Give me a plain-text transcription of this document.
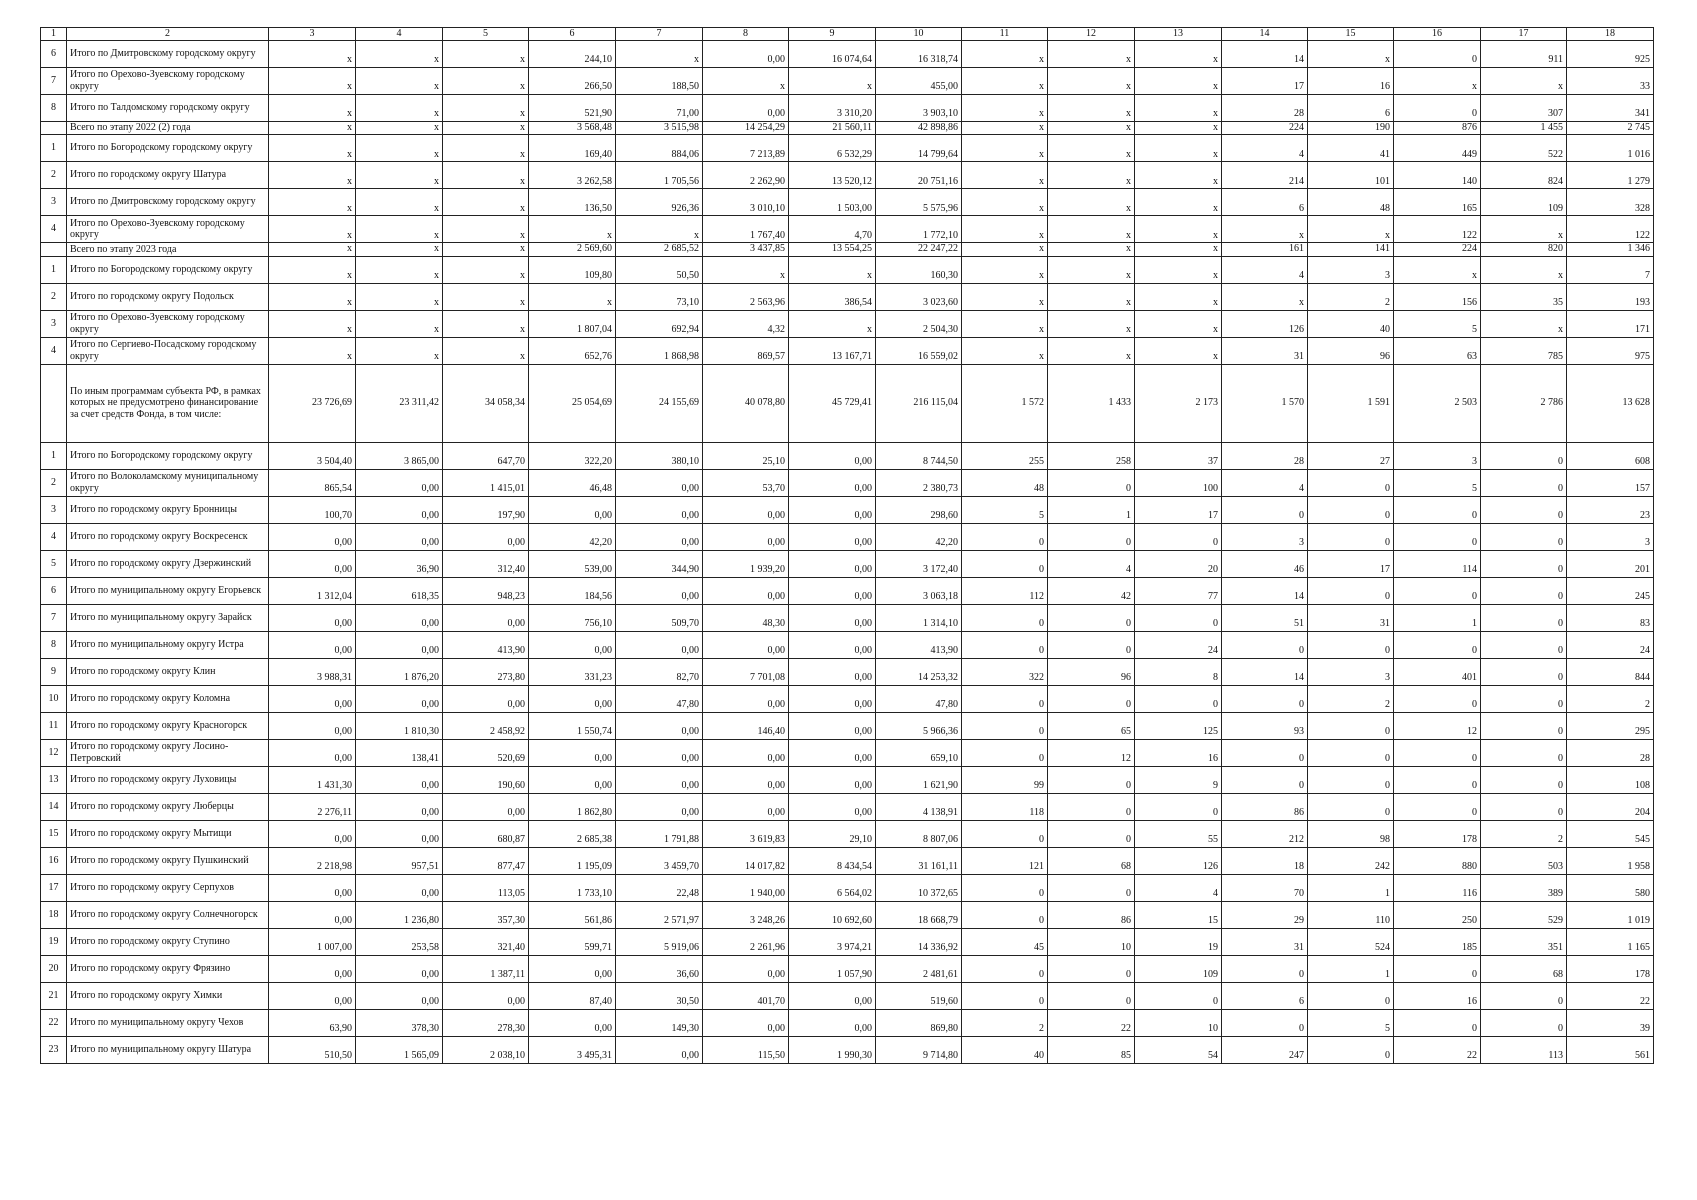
1	2	3	4	5	6	7	8	9	10	11	12	13	14	15	16	17	18
6	Итого по Дмитровскому городскому округу	x	x	x	244,10	x	0,00	16 074,64	16 318,74	x	x	x	14	x	0	911	925
7	Итого по Орехово-Зуевскому городскому округу	x	x	x	266,50	188,50	x	x	455,00	x	x	x	17	16	x	x	33
8	Итого по Талдомскому городскому округу	x	x	x	521,90	71,00	0,00	3 310,20	3 903,10	x	x	x	28	6	0	307	341
	Всего по этапу 2022 (2) года	x	x	x	3 568,48	3 515,98	14 254,29	21 560,11	42 898,86	x	x	x	224	190	876	1 455	2 745
1	Итого по Богородскому городскому округу	x	x	x	169,40	884,06	7 213,89	6 532,29	14 799,64	x	x	x	4	41	449	522	1 016
2	Итого по городскому округу Шатура	x	x	x	3 262,58	1 705,56	2 262,90	13 520,12	20 751,16	x	x	x	214	101	140	824	1 279
3	Итого по Дмитровскому городскому округу	x	x	x	136,50	926,36	3 010,10	1 503,00	5 575,96	x	x	x	6	48	165	109	328
4	Итого по Орехово-Зуевскому городскому округу	x	x	x	x	x	1 767,40	4,70	1 772,10	x	x	x	x	x	122	x	122
	Всего по этапу 2023 года	x	x	x	2 569,60	2 685,52	3 437,85	13 554,25	22 247,22	x	x	x	161	141	224	820	1 346
1	Итого по Богородскому городскому округу	x	x	x	109,80	50,50	x	x	160,30	x	x	x	4	3	x	x	7
2	Итого по городскому округу Подольск	x	x	x	x	73,10	2 563,96	386,54	3 023,60	x	x	x	x	2	156	35	193
3	Итого по Орехово-Зуевскому городскому округу	x	x	x	1 807,04	692,94	4,32	x	2 504,30	x	x	x	126	40	5	x	171
4	Итого по Сергиево-Посадскому городскому округу	x	x	x	652,76	1 868,98	869,57	13 167,71	16 559,02	x	x	x	31	96	63	785	975
	По иным программам субъекта РФ, в рамках которых не предусмотрено финансирование за счет средств Фонда, в том числе:	23 726,69	23 311,42	34 058,34	25 054,69	24 155,69	40 078,80	45 729,41	216 115,04	1 572	1 433	2 173	1 570	1 591	2 503	2 786	13 628
1	Итого по Богородскому городскому округу	3 504,40	3 865,00	647,70	322,20	380,10	25,10	0,00	8 744,50	255	258	37	28	27	3	0	608
2	Итого по Волоколамскому муниципальному округу	865,54	0,00	1 415,01	46,48	0,00	53,70	0,00	2 380,73	48	0	100	4	0	5	0	157
3	Итого по городскому округу Бронницы	100,70	0,00	197,90	0,00	0,00	0,00	0,00	298,60	5	1	17	0	0	0	0	23
4	Итого по городскому округу Воскресенск	0,00	0,00	0,00	42,20	0,00	0,00	0,00	42,20	0	0	0	3	0	0	0	3
5	Итого по городскому округу Дзержинский	0,00	36,90	312,40	539,00	344,90	1 939,20	0,00	3 172,40	0	4	20	46	17	114	0	201
6	Итого по муниципальному округу Егорьевск	1 312,04	618,35	948,23	184,56	0,00	0,00	0,00	3 063,18	112	42	77	14	0	0	0	245
7	Итого по муниципальному округу Зарайск	0,00	0,00	0,00	756,10	509,70	48,30	0,00	1 314,10	0	0	0	51	31	1	0	83
8	Итого по муниципальному округу Истра	0,00	0,00	413,90	0,00	0,00	0,00	0,00	413,90	0	0	24	0	0	0	0	24
9	Итого по городскому округу Клин	3 988,31	1 876,20	273,80	331,23	82,70	7 701,08	0,00	14 253,32	322	96	8	14	3	401	0	844
10	Итого по городскому округу Коломна	0,00	0,00	0,00	0,00	47,80	0,00	0,00	47,80	0	0	0	0	2	0	0	2
11	Итого по городскому округу Красногорск	0,00	1 810,30	2 458,92	1 550,74	0,00	146,40	0,00	5 966,36	0	65	125	93	0	12	0	295
12	Итого по городскому округу Лосино-Петровский	0,00	138,41	520,69	0,00	0,00	0,00	0,00	659,10	0	12	16	0	0	0	0	28
13	Итого по городскому округу Луховицы	1 431,30	0,00	190,60	0,00	0,00	0,00	0,00	1 621,90	99	0	9	0	0	0	0	108
14	Итого по городскому округу Люберцы	2 276,11	0,00	0,00	1 862,80	0,00	0,00	0,00	4 138,91	118	0	0	86	0	0	0	204
15	Итого по городскому округу Мытищи	0,00	0,00	680,87	2 685,38	1 791,88	3 619,83	29,10	8 807,06	0	0	55	212	98	178	2	545
16	Итого по городскому округу Пушкинский	2 218,98	957,51	877,47	1 195,09	3 459,70	14 017,82	8 434,54	31 161,11	121	68	126	18	242	880	503	1 958
17	Итого по городскому округу Серпухов	0,00	0,00	113,05	1 733,10	22,48	1 940,00	6 564,02	10 372,65	0	0	4	70	1	116	389	580
18	Итого по городскому округу Солнечногорск	0,00	1 236,80	357,30	561,86	2 571,97	3 248,26	10 692,60	18 668,79	0	86	15	29	110	250	529	1 019
19	Итого по городскому округу Ступино	1 007,00	253,58	321,40	599,71	5 919,06	2 261,96	3 974,21	14 336,92	45	10	19	31	524	185	351	1 165
20	Итого по городскому округу Фрязино	0,00	0,00	1 387,11	0,00	36,60	0,00	1 057,90	2 481,61	0	0	109	0	1	0	68	178
21	Итого по городскому округу Химки	0,00	0,00	0,00	87,40	30,50	401,70	0,00	519,60	0	0	0	6	0	16	0	22
22	Итого по муниципальному округу Чехов	63,90	378,30	278,30	0,00	149,30	0,00	0,00	869,80	2	22	10	0	5	0	0	39
23	Итого по муниципальному округу Шатура	510,50	1 565,09	2 038,10	3 495,31	0,00	115,50	1 990,30	9 714,80	40	85	54	247	0	22	113	561
